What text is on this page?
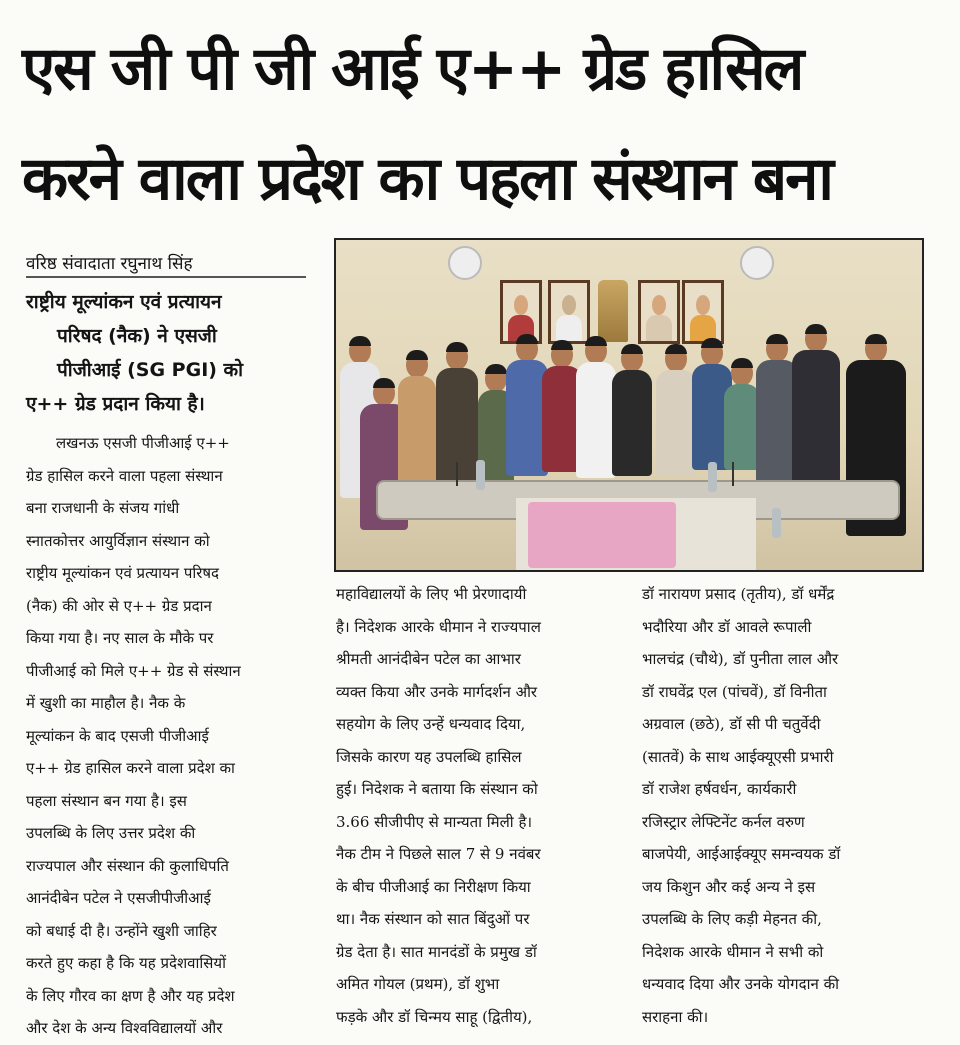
एस जी पी जी आई ए++ ग्रेड हासिल
करने वाला प्रदेश का पहला संस्थान बना
वरिष्ठ संवादाता रघुनाथ सिंह
राष्ट्रीय मूल्यांकन एवं प्रत्यायन
परिषद (नैक) ने एसजी
पीजीआई (SG PGI) को
ए++ ग्रेड प्रदान किया है।
लखनऊ एसजी पीजीआई ए++
ग्रेड हासिल करने वाला पहला संस्थान
बना राजधानी के संजय गांधी
स्नातकोत्तर आयुर्विज्ञान संस्थान को
राष्ट्रीय मूल्यांकन एवं प्रत्यायन परिषद
(नैक) की ओर से ए++ ग्रेड प्रदान
किया गया है। नए साल के मौके पर
पीजीआई को मिले ए++ ग्रेड से संस्थान
में खुशी का माहौल है। नैक के
मूल्यांकन के बाद एसजी पीजीआई
ए++ ग्रेड हासिल करने वाला प्रदेश का
पहला संस्थान बन गया है। इस
उपलब्धि के लिए उत्तर प्रदेश की
राज्यपाल और संस्थान की कुलाधिपति
आनंदीबेन पटेल ने एसजीपीजीआई
को बधाई दी है। उन्होंने खुशी जाहिर
करते हुए कहा है कि यह प्रदेशवासियों
के लिए गौरव का क्षण है और यह प्रदेश
और देश के अन्य विश्वविद्यालयों और
महाविद्यालयों के लिए भी प्रेरणादायी
है। निदेशक आरके धीमान ने राज्यपाल
श्रीमती आनंदीबेन पटेल का आभार
व्यक्त किया और उनके मार्गदर्शन और
सहयोग के लिए उन्हें धन्यवाद दिया,
जिसके कारण यह उपलब्धि हासिल
हुई। निदेशक ने बताया कि संस्थान को
3.66 सीजीपीए से मान्यता मिली है।
नैक टीम ने पिछले साल 7 से 9 नवंबर
के बीच पीजीआई का निरीक्षण किया
था। नैक संस्थान को सात बिंदुओं पर
ग्रेड देता है। सात मानदंडों के प्रमुख डॉ
अमित गोयल (प्रथम), डॉ शुभा
फड़के और डॉ चिन्मय साहू (द्वितीय),
डॉ नारायण प्रसाद (तृतीय), डॉ धर्मेंद्र
भदौरिया और डॉ आवले रूपाली
भालचंद्र (चौथे), डॉ पुनीता लाल और
डॉ राघवेंद्र एल (पांचवें), डॉ विनीता
अग्रवाल (छठे), डॉ सी पी चतुर्वेदी
(सातवें) के साथ आईक्यूएसी प्रभारी
डॉ राजेश हर्षवर्धन, कार्यकारी
रजिस्ट्रार लेफ्टिनेंट कर्नल वरुण
बाजपेयी, आईआईक्यूए समन्वयक डॉ
जय किशुन और कई अन्य ने इस
उपलब्धि के लिए कड़ी मेहनत की,
निदेशक आरके धीमान ने सभी को
धन्यवाद दिया और उनके योगदान की
सराहना की।
